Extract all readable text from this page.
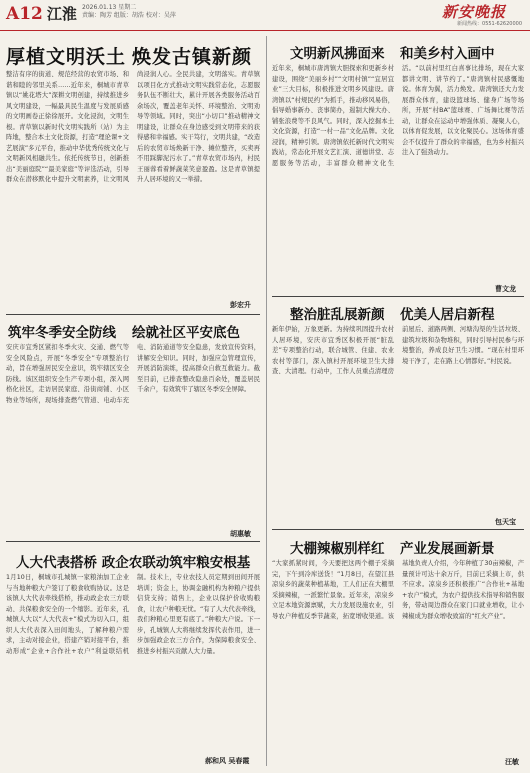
A12 江淮 2026.01.13 星期二
责编：陶芳 组版：胡浩 校对：吴萍	新安晚报
新闻热线：0551-62620000
厚植文明沃土 焕发古镇新颜
整洁有序的街道、规范经营的农贸市场、和谐和睦的邻里关系……近年来，桐城市青草镇以“姚花塔大”深耕文明创建，持续推进乡风文明建设，一幅最具民生温度与发展质感的文明画卷正徐徐展开。文化浸润，文明生根。青草镇以新时代文明实践所（站）为主阵地，整合本土文化资源，打造“理论课+文艺展演”多元平台，推动中华优秀传统文化与文明新风相融共生。依托传统节日，创新推出“美丽庭院”“最美家庭”等评选活动，引导群众在潜移默化中提升文明素养，让文明风尚浸润人心。全民共建，文明落实。青草镇以项目化方式推动文明实践常态化，志愿服务队伍不断壮大，累计开展各类服务活动百余场次，覆盖老年关怀、环境整治、文明劝导等领域。同时，突出“小切口”推动精神文明建设，让群众在身边感受到文明带来的获得感和幸福感。实干笃行，文明共建，“改造后的农贸市场焕新干净、摊位整齐，买卖再不用踩脚泥污水了。”青草农贸市场内，村民王丽蓉看着鲜蔬菜笑意盈盈。这是青草镇提升人居环境的又一举措。
彭宏升
筑牢冬季安全防线 绘就社区平安底色
安庆市宜秀区紧扣冬季火灾、交通、燃气等安全风险点，开展“冬季安全”专项整治行动，旨在增强居民安全意识，筑牢辖区安全防线。该区组织安全生产专项小组，深入网格化社区，走访居民家庭、沿街商铺、小区物业等场所，现场排查燃气管道、电动车充电、消防通道等安全隐患，发放宣传资料，讲解安全知识。同时，加强应急管理宣传，开展消防演练，提高群众自救互救能力。截至目前，已排查整改隐患百余处，覆盖居民千余户，有效筑牢了辖区冬季安全屏障。
胡惠敏
人大代表搭桥 政企农联动筑牢粮安根基
1月10日，桐城市孔城镇一家粮油加工企业与当地种粮大户签订了粮食收购协议。这是该镇人大代表牵线搭桥，推动政企农三方联动、共保粮食安全的一个缩影。近年来，孔城镇人大以“人大代表+”模式为切入口，组织人大代表深入田间地头，了解种粮户需求，主动对接企业，搭建产销对接平台，推动形成“企业+合作社+农户”利益联结机制。技术上，专业农技人员定期到田间开展培训；资金上，协调金融机构为种粮户提供信贷支持；销售上，企业以保护价收购粮食，让农户种粮无忧。“有了人大代表牵线，我们种粮心里更有底了。”种粮大户说。下一步，孔城镇人大将继续发挥代表作用，进一步加强政企农三方合作，为保障粮食安全、推进乡村振兴贡献人大力量。
郝和风 吴春霞
文明新风拂面来 和美乡村入画中
近年来，桐城市唐湾镇大胆探索和更新乡村建设，围绕“美丽乡村”“文明村镇”“宜居宜业”三大目标，积极推进文明乡风建设。唐湾镇以“村规民约”为抓手，推动移风易俗，倡导婚事新办、丧事简办，遏制大操大办、铺张浪费等不良风气。同时，深入挖掘本土文化资源，打造“一村一品”文化品牌。文化浸润，精神引领。唐湾镇依托新时代文明实践站，常态化开展文艺汇演、道德讲堂、志愿服务等活动，丰富群众精神文化生活。“以前村里红白喜事比排场，现在大家都讲文明、讲节约了。”唐湾镇村民感慨地说。体育为翼，活力焕发。唐湾镇还大力发展群众体育，建设篮球场、健身广场等场所，开展“村BA”篮球赛、广场舞比赛等活动，让群众在运动中增强体质、凝聚人心，以体育促发展，以文化聚民心。这场体育盛会不仅提升了群众的幸福感，也为乡村振兴注入了强劲动力。
曹文龙
整治脏乱展新颜 优美人居启新程
新年伊始，万象更新。为持续巩固提升农村人居环境，安庆市宜秀区积极开展“脏乱差”专项整治行动，联合城管、住建、农业农村等部门，深入镇村开展环境卫生大排查、大清理。行动中，工作人员重点清理房前屋后、道路两侧、河塘沟渠的生活垃圾、建筑垃圾和杂物堆积，同时引导村民参与环境整治，养成良好卫生习惯。“现在村里环境干净了，走在路上心情都好。”村民说。
包天宝
大棚辣椒别样红 产业发展画新景
“大家抓紧时间，今天要把这两个棚子采摘完，下午到冷库送货！”1月8日，在望江县凉泉乡的蔬菜种植基地，工人们正在大棚里采摘辣椒，一派繁忙景象。近年来，凉泉乡立足本地资源禀赋，大力发展设施农业，引导农户种植反季节蔬菜，拓宽增收渠道。该基地负责人介绍，今年种植了30亩辣椒，产量预计可达十余万斤，目前已采摘上市，供不应求。凉泉乡还积极推广“合作社+基地+农户”模式，为农户提供技术指导和销售服务，带动周边群众在家门口就业增收，让小辣椒成为群众增收致富的“红火产业”。
汪敏
